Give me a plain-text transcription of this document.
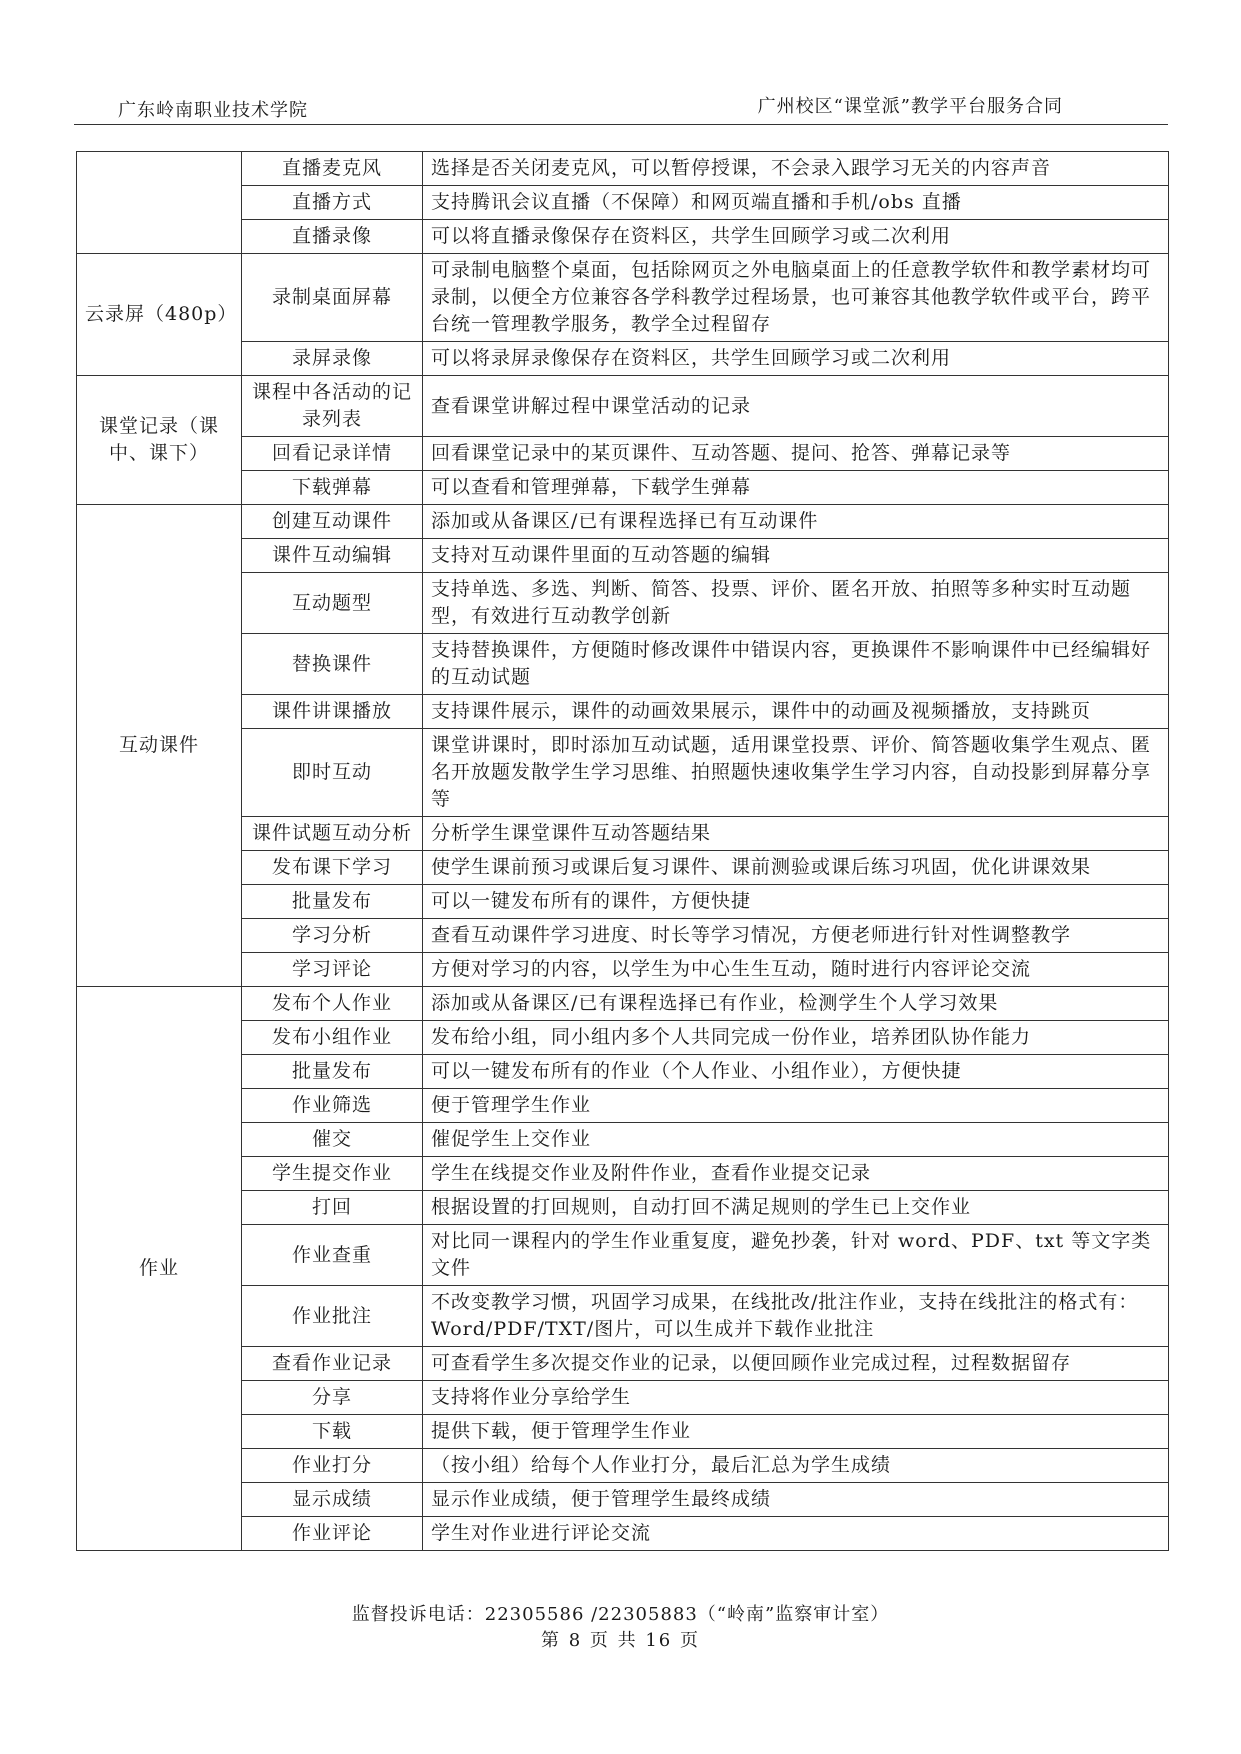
广东岭南职业技术学院	广州校区“课堂派”教学平台服务合同
	直播麦克风	选择是否关闭麦克风，可以暂停授课，不会录入跟学习无关的内容声音
	直播方式	支持腾讯会议直播（不保障）和网页端直播和手机/obs 直播
	直播录像	可以将直播录像保存在资料区，共学生回顾学习或二次利用
云录屏（480p）	录制桌面屏幕	可录制电脑整个桌面，包括除网页之外电脑桌面上的任意教学软件和教学素材均可录制，以便全方位兼容各学科教学过程场景，也可兼容其他教学软件或平台，跨平台统一管理教学服务，教学全过程留存
	录屏录像	可以将录屏录像保存在资料区，共学生回顾学习或二次利用
课堂记录（课中、课下）	课程中各活动的记录列表	查看课堂讲解过程中课堂活动的记录
	回看记录详情	回看课堂记录中的某页课件、互动答题、提问、抢答、弹幕记录等
	下载弹幕	可以查看和管理弹幕，下载学生弹幕
互动课件	创建互动课件	添加或从备课区/已有课程选择已有互动课件
	课件互动编辑	支持对互动课件里面的互动答题的编辑
	互动题型	支持单选、多选、判断、简答、投票、评价、匿名开放、拍照等多种实时互动题型，有效进行互动教学创新
	替换课件	支持替换课件，方便随时修改课件中错误内容，更换课件不影响课件中已经编辑好的互动试题
	课件讲课播放	支持课件展示，课件的动画效果展示，课件中的动画及视频播放，支持跳页
	即时互动	课堂讲课时，即时添加互动试题，适用课堂投票、评价、简答题收集学生观点、匿名开放题发散学生学习思维、拍照题快速收集学生学习内容，自动投影到屏幕分享等
	课件试题互动分析	分析学生课堂课件互动答题结果
	发布课下学习	使学生课前预习或课后复习课件、课前测验或课后练习巩固，优化讲课效果
	批量发布	可以一键发布所有的课件，方便快捷
	学习分析	查看互动课件学习进度、时长等学习情况，方便老师进行针对性调整教学
	学习评论	方便对学习的内容，以学生为中心生生互动，随时进行内容评论交流
作业	发布个人作业	添加或从备课区/已有课程选择已有作业，检测学生个人学习效果
	发布小组作业	发布给小组，同小组内多个人共同完成一份作业，培养团队协作能力
	批量发布	可以一键发布所有的作业（个人作业、小组作业），方便快捷
	作业筛选	便于管理学生作业
	催交	催促学生上交作业
	学生提交作业	学生在线提交作业及附件作业，查看作业提交记录
	打回	根据设置的打回规则，自动打回不满足规则的学生已上交作业
	作业查重	对比同一课程内的学生作业重复度，避免抄袭，针对 word、PDF、txt 等文字类文件
	作业批注	不改变教学习惯，巩固学习成果，在线批改/批注作业，支持在线批注的格式有：Word/PDF/TXT/图片，可以生成并下载作业批注
	查看作业记录	可查看学生多次提交作业的记录，以便回顾作业完成过程，过程数据留存
	分享	支持将作业分享给学生
	下载	提供下载，便于管理学生作业
	作业打分	（按小组）给每个人作业打分，最后汇总为学生成绩
	显示成绩	显示作业成绩，便于管理学生最终成绩
	作业评论	学生对作业进行评论交流
监督投诉电话：22305586 /22305883（“岭南”监察审计室）
第 8 页 共 16 页
